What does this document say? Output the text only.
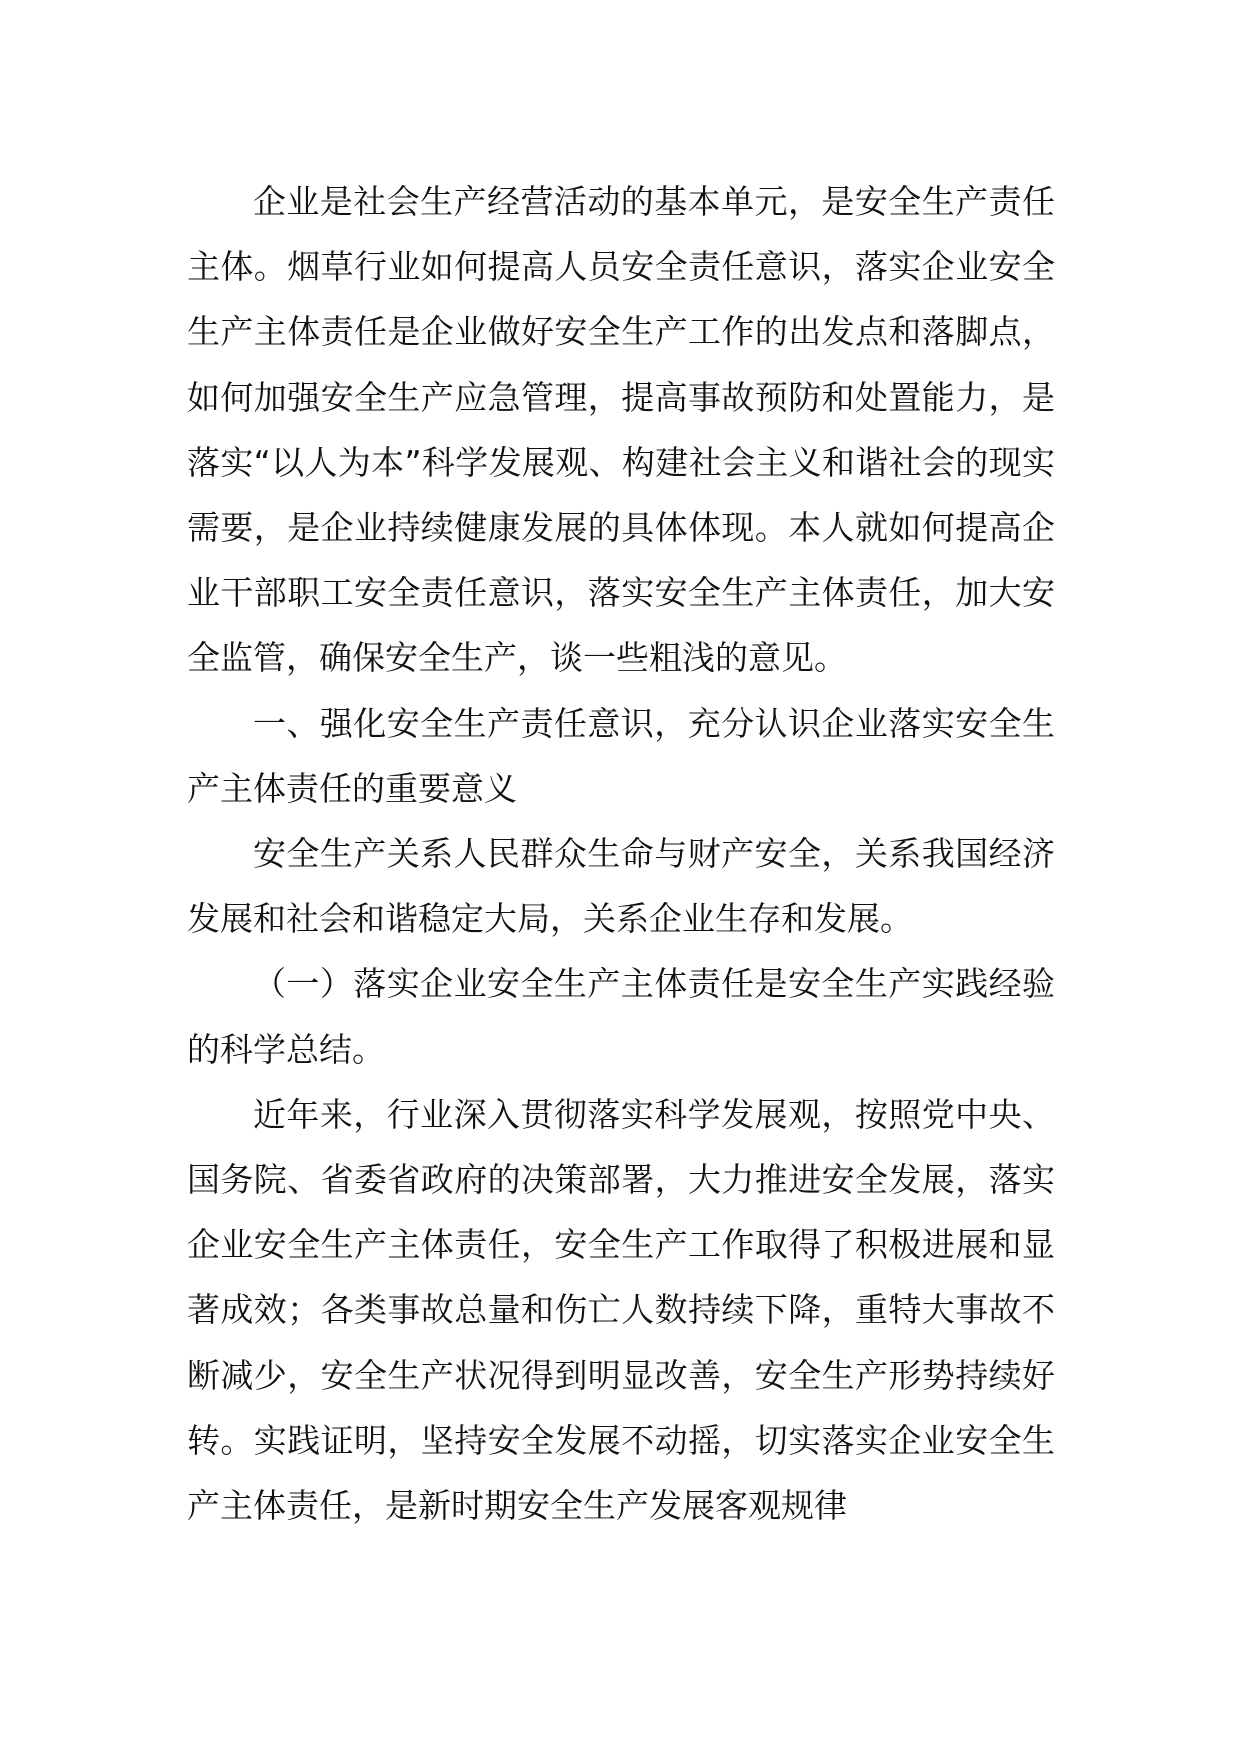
企业是社会生产经营活动的基本单元，是安全生产责任主体。烟草行业如何提高人员安全责任意识，落实企业安全生产主体责任是企业做好安全生产工作的出发点和落脚点，如何加强安全生产应急管理，提高事故预防和处置能力，是落实“以人为本”科学发展观、构建社会主义和谐社会的现实需要，是企业持续健康发展的具体体现。本人就如何提高企业干部职工安全责任意识，落实安全生产主体责任，加大安全监管，确保安全生产，谈一些粗浅的意见。

一、强化安全生产责任意识，充分认识企业落实安全生产主体责任的重要意义

安全生产关系人民群众生命与财产安全，关系我国经济发展和社会和谐稳定大局，关系企业生存和发展。

（一）落实企业安全生产主体责任是安全生产实践经验的科学总结。

近年来，行业深入贯彻落实科学发展观，按照党中央、国务院、省委省政府的决策部署，大力推进安全发展，落实企业安全生产主体责任，安全生产工作取得了积极进展和显著成效；各类事故总量和伤亡人数持续下降，重特大事故不断减少，安全生产状况得到明显改善，安全生产形势持续好转。实践证明，坚持安全发展不动摇，切实落实企业安全生产主体责任，是新时期安全生产发展客观规律
